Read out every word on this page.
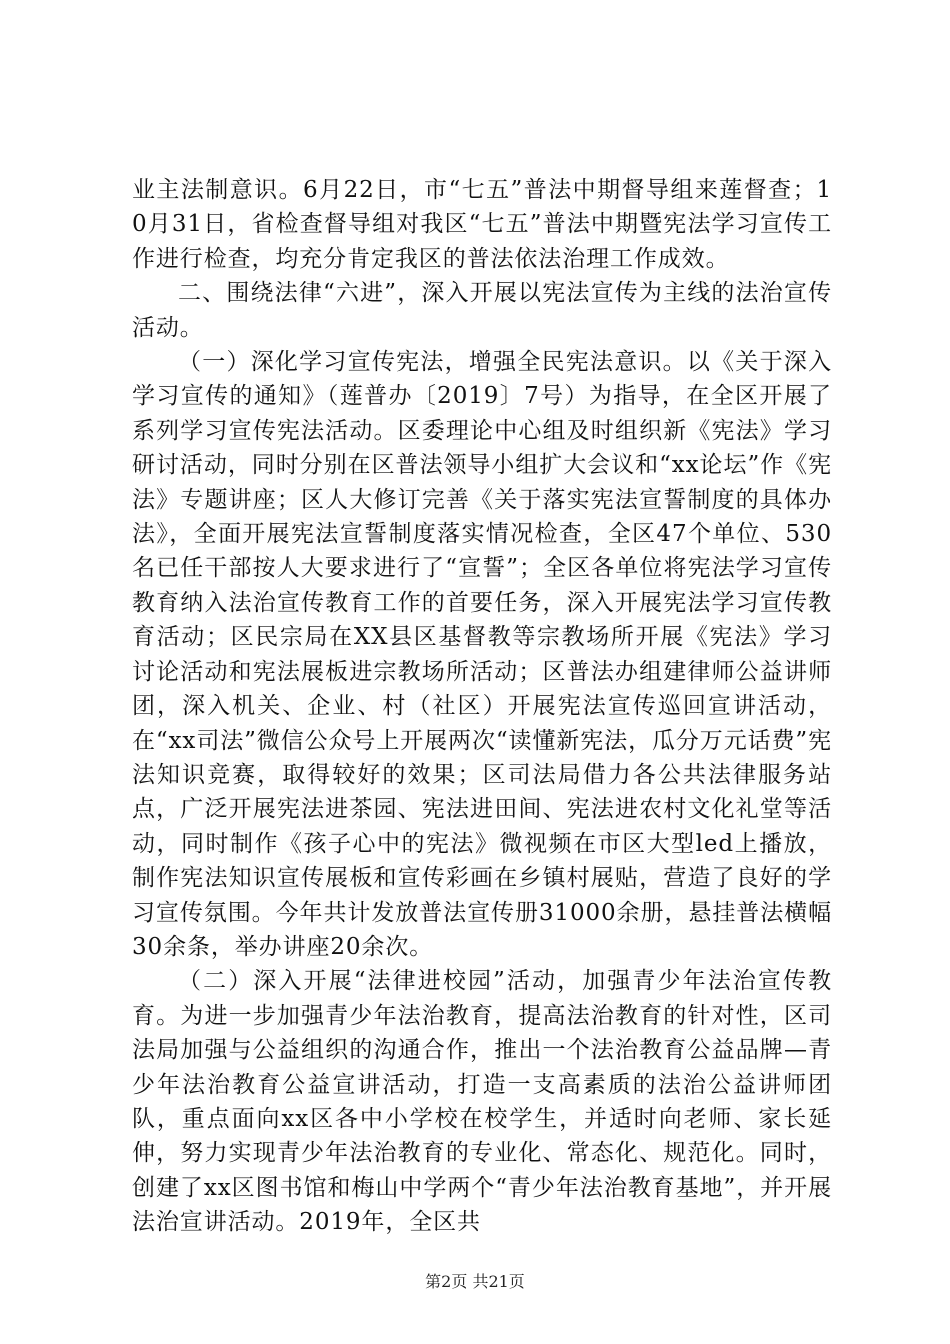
业主法制意识。6月22日，市“七五”普法中期督导组来莲督查；10月31日，省检查督导组对我区“七五”普法中期暨宪法学习宣传工作进行检查，均充分肯定我区的普法依法治理工作成效。

二、围绕法律“六进”，深入开展以宪法宣传为主线的法治宣传活动。

（一）深化学习宣传宪法，增强全民宪法意识。以《关于深入学习宣传的通知》（莲普办〔2019〕7号）为指导，在全区开展了系列学习宣传宪法活动。区委理论中心组及时组织新《宪法》学习研讨活动，同时分别在区普法领导小组扩大会议和“xx论坛”作《宪法》专题讲座；区人大修订完善《关于落实宪法宣誓制度的具体办法》，全面开展宪法宣誓制度落实情况检查，全区47个单位、530名已任干部按人大要求进行了“宣誓”；全区各单位将宪法学习宣传教育纳入法治宣传教育工作的首要任务，深入开展宪法学习宣传教育活动；区民宗局在XX县区基督教等宗教场所开展《宪法》学习讨论活动和宪法展板进宗教场所活动；区普法办组建律师公益讲师团，深入机关、企业、村（社区）开展宪法宣传巡回宣讲活动，在“xx司法”微信公众号上开展两次“读懂新宪法，瓜分万元话费”宪法知识竞赛，取得较好的效果；区司法局借力各公共法律服务站点，广泛开展宪法进茶园、宪法进田间、宪法进农村文化礼堂等活动，同时制作《孩子心中的宪法》微视频在市区大型led上播放，制作宪法知识宣传展板和宣传彩画在乡镇村展贴，营造了良好的学习宣传氛围。今年共计发放普法宣传册31000余册，悬挂普法横幅30余条，举办讲座20余次。

（二）深入开展“法律进校园”活动，加强青少年法治宣传教育。为进一步加强青少年法治教育，提高法治教育的针对性，区司法局加强与公益组织的沟通合作，推出一个法治教育公益品牌—青少年法治教育公益宣讲活动，打造一支高素质的法治公益讲师团队，重点面向xx区各中小学校在校学生，并适时向老师、家长延伸，努力实现青少年法治教育的专业化、常态化、规范化。同时，创建了xx区图书馆和梅山中学两个“青少年法治教育基地”，并开展法治宣讲活动。2019年，全区共

第2页 共21页
